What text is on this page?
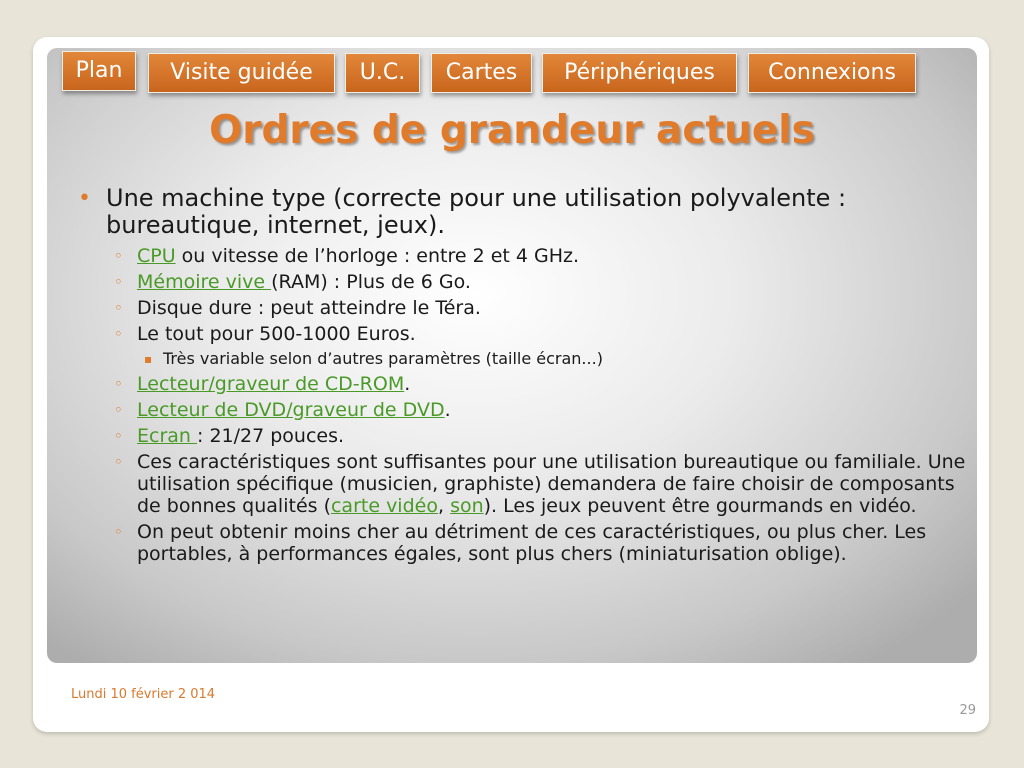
Plan	Visite guidée	U.C.	Cartes	Périphériques	Connexions
Ordres de grandeur actuels
• Une machine type (correcte pour une utilisation polyvalente : bureautique, internet, jeux).
◦ CPU ou vitesse de l’horloge : entre 2 et 4 GHz.
◦ Mémoire vive (RAM) : Plus de 6 Go.
◦ Disque dure : peut atteindre le Téra.
◦ Le tout pour 500-1000 Euros.
▪ Très variable selon d’autres paramètres (taille écran...)
◦ Lecteur/graveur de CD-ROM.
◦ Lecteur de DVD/graveur de DVD.
◦ Ecran : 21/27 pouces.
◦ Ces caractéristiques sont suffisantes pour une utilisation bureautique ou familiale. Une utilisation spécifique (musicien, graphiste) demandera de faire choisir de composants de bonnes qualités (carte vidéo, son). Les jeux peuvent être gourmands en vidéo.
◦ On peut obtenir moins cher au détriment de ces caractéristiques, ou plus cher. Les portables, à performances égales, sont plus chers (miniaturisation oblige).
Lundi 10 février 2 014
29
